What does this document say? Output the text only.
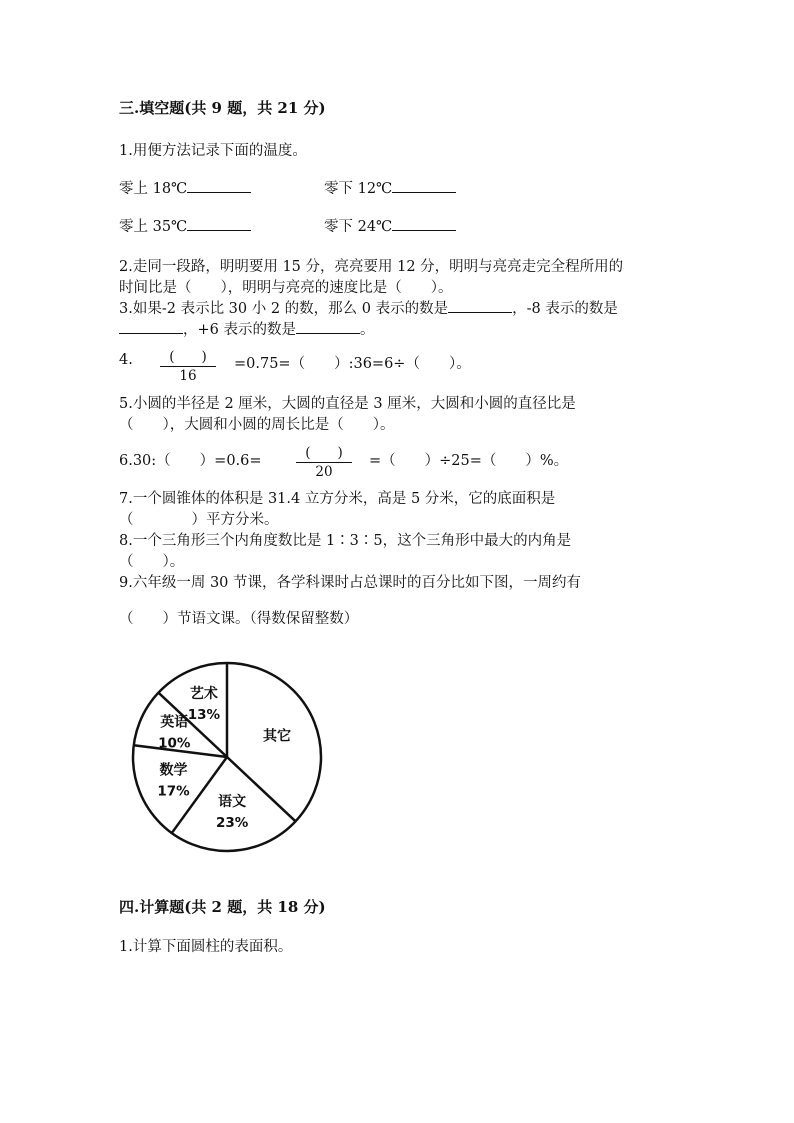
三.填空题(共 9 题，共 21 分)
1.用便方法记录下面的温度。
零上 18℃	零下 12℃
零上 35℃	零下 24℃
2.走同一段路，明明要用 15 分，亮亮要用 12 分，明明与亮亮走完全程所用的
时间比是（　　），明明与亮亮的速度比是（　　）。
3.如果-2 表示比 30 小 2 的数，那么 0 表示的数是	，-8 表示的数是
，+6 表示的数是	。
4.	(　　)
16
=0.75=（　　）:36=6÷（　　）。
5.小圆的半径是 2 厘米，大圆的直径是 3 厘米，大圆和小圆的直径比是
（　　），大圆和小圆的周长比是（　　）。
6.30:（　　）=0.6=	(　　)
20
=（　　）÷25=（　　）%。
7.一个圆锥体的体积是 31.4 立方分米，高是 5 分米，它的底面积是
（　　　　）平方分米。
8.一个三角形三个内角度数比是 1∶3∶5，这个三角形中最大的内角是
（　　）。
9.六年级一周 30 节课，各学科课时占总课时的百分比如下图，一周约有
（　　）节语文课。（得数保留整数）
艺术
13%
英语
10%
数学
17%
语文
23%
其它
四.计算题(共 2 题，共 18 分)
1.计算下面圆柱的表面积。
